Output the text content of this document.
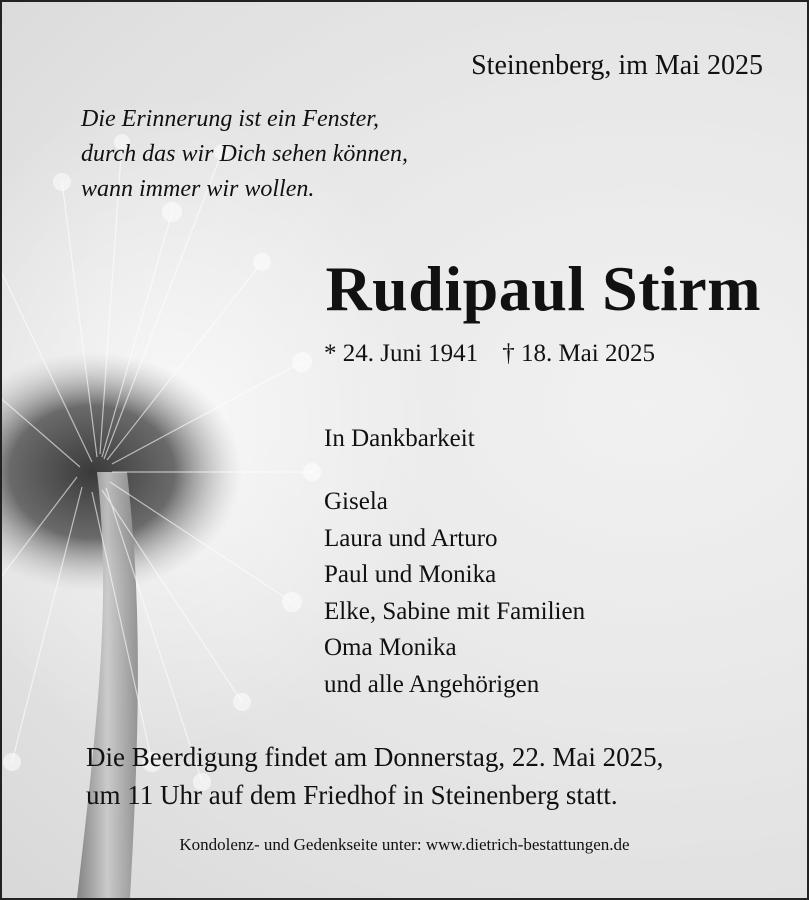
Steinenberg, im Mai 2025
Die Erinnerung ist ein Fenster,
durch das wir Dich sehen können,
wann immer wir wollen.
Rudipaul Stirm
* 24. Juni 1941 † 18. Mai 2025
In Dankbarkeit
Gisela
Laura und Arturo
Paul und Monika
Elke, Sabine mit Familien
Oma Monika
und alle Angehörigen
Die Beerdigung findet am Donnerstag, 22. Mai 2025,
um 11 Uhr auf dem Friedhof in Steinenberg statt.
Kondolenz- und Gedenkseite unter: www.dietrich-bestattungen.de
